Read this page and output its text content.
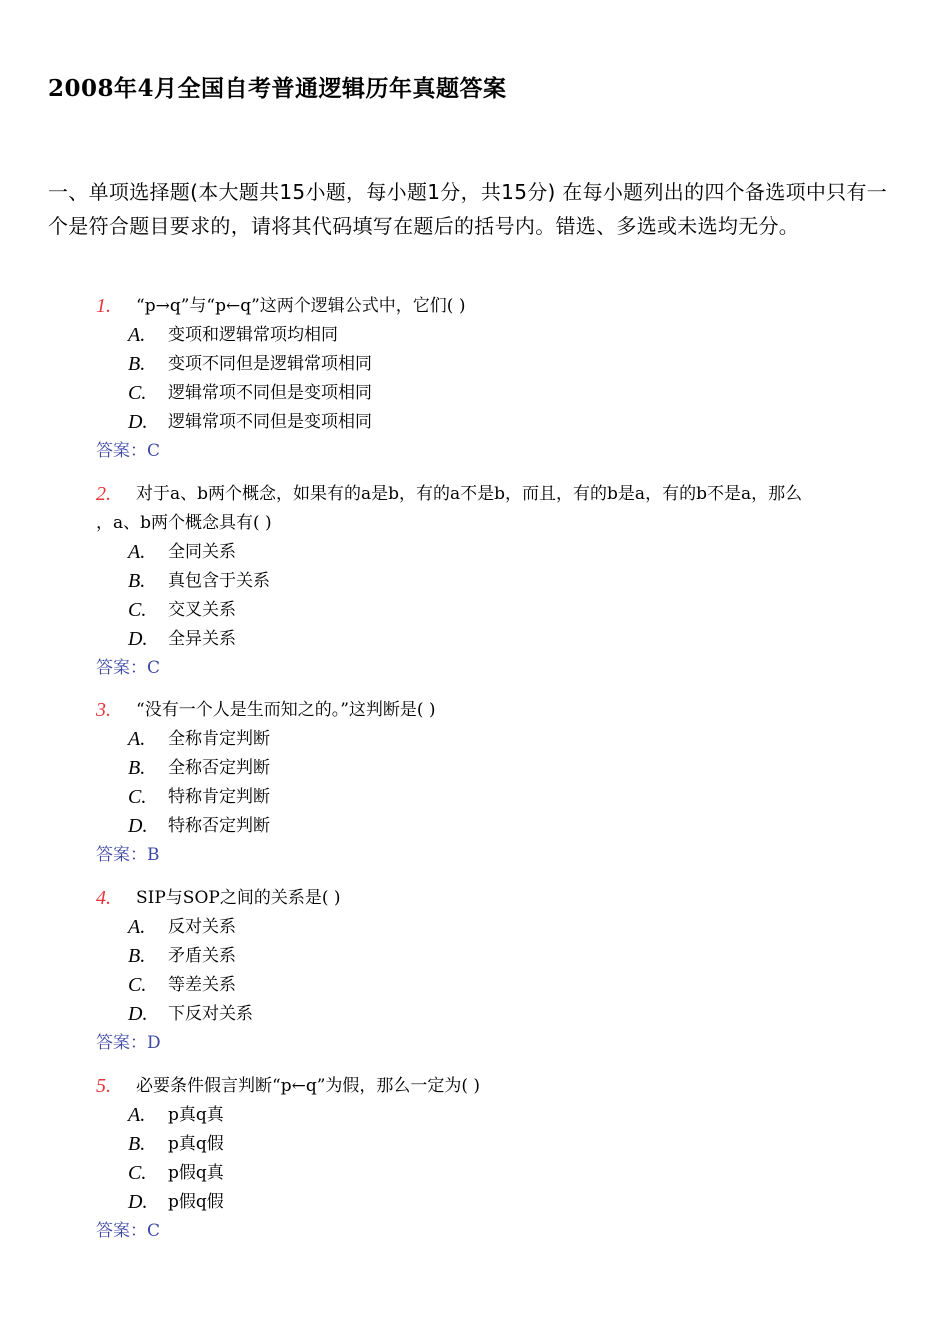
2008年4月全国自考普通逻辑历年真题答案
一、单项选择题(本大题共15小题，每小题1分，共15分) 在每小题列出的四个备选项中只有一个是符合题目要求的，请将其代码填写在题后的括号内。错选、多选或未选均无分。
1. “p→q”与“p←q”这两个逻辑公式中，它们( )
A. 变项和逻辑常项均相同
B. 变项不同但是逻辑常项相同
C. 逻辑常项不同但是变项相同
D. 逻辑常项不同但是变项相同
答案：C
2. 对于a、b两个概念，如果有的a是b，有的a不是b，而且，有的b是a，有的b不是a，那么
，a、b两个概念具有( )
A. 全同关系
B. 真包含于关系
C. 交叉关系
D. 全异关系
答案：C
3. “没有一个人是生而知之的。”这判断是( )
A. 全称肯定判断
B. 全称否定判断
C. 特称肯定判断
D. 特称否定判断
答案：B
4. SIP与SOP之间的关系是( )
A. 反对关系
B. 矛盾关系
C. 等差关系
D. 下反对关系
答案：D
5. 必要条件假言判断“p←q”为假，那么一定为( )
A. p真q真
B. p真q假
C. p假q真
D. p假q假
答案：C
